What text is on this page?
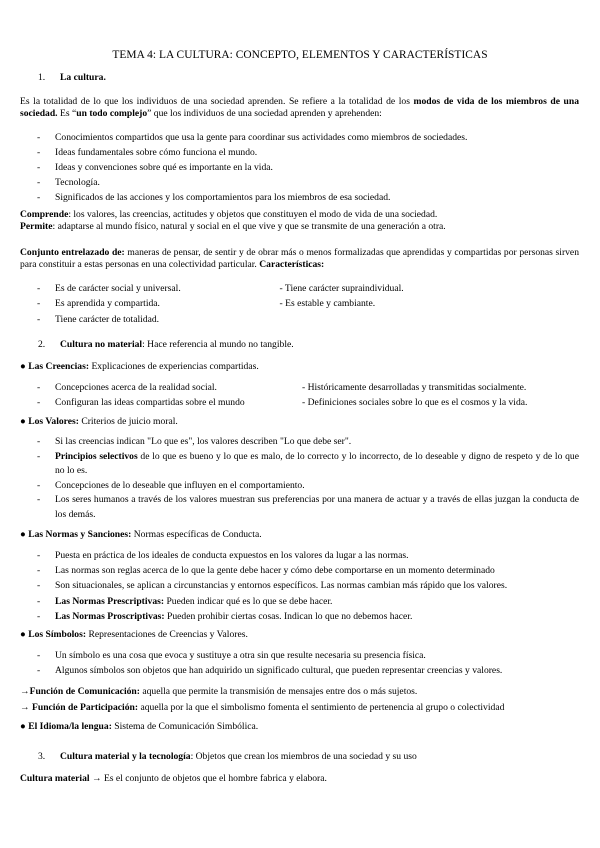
TEMA 4: LA CULTURA: CONCEPTO, ELEMENTOS Y CARACTERÍSTICAS
1. La cultura.

Es la totalidad de lo que los individuos de una sociedad aprenden. Se refiere a la totalidad de los modos de vida de los miembros de una sociedad. Es “un todo complejo” que los individuos de una sociedad aprenden y aprehenden:

- Conocimientos compartidos que usa la gente para coordinar sus actividades como miembros de sociedades.
- Ideas fundamentales sobre cómo funciona el mundo.
- Ideas y convenciones sobre qué es importante en la vida.
- Tecnología.
- Significados de las acciones y los comportamientos para los miembros de esa sociedad.

Comprende: los valores, las creencias, actitudes y objetos que constituyen el modo de vida de una sociedad.
Permite: adaptarse al mundo físico, natural y social en el que vive y que se transmite de una generación a otra.

Conjunto entrelazado de: maneras de pensar, de sentir y de obrar más o menos formalizadas que aprendidas y compartidas por personas sirven para constituir a estas personas en una colectividad particular. Características:

- Es de carácter social y universal.
- Es aprendida y compartida.
- Tiene carácter de totalidad.
- Tiene carácter supraindividual.
- Es estable y cambiante.
2. Cultura no material: Hace referencia al mundo no tangible.
● Las Creencias: Explicaciones de experiencias compartidas.
- Concepciones acerca de la realidad social.
- Configuran las ideas compartidas sobre el mundo
- Históricamente desarrolladas y transmitidas socialmente.
- Definiciones sociales sobre lo que es el cosmos y la vida.
● Los Valores: Criterios de juicio moral.
- Si las creencias indican "Lo que es", los valores describen "Lo que debe ser".
- Principios selectivos de lo que es bueno y lo que es malo, de lo correcto y lo incorrecto, de lo deseable y digno de respeto y de lo que no lo es.
- Concepciones de lo deseable que influyen en el comportamiento.
- Los seres humanos a través de los valores muestran sus preferencias por una manera de actuar y a través de ellas juzgan la conducta de los demás.
● Las Normas y Sanciones: Normas específicas de Conducta.
- Puesta en práctica de los ideales de conducta expuestos en los valores da lugar a las normas.
- Las normas son reglas acerca de lo que la gente debe hacer y cómo debe comportarse en un momento determinado
- Son situacionales, se aplican a circunstancias y entornos específicos. Las normas cambian más rápido que los valores.
- Las Normas Prescriptivas: Pueden indicar qué es lo que se debe hacer.
- Las Normas Proscriptivas: Pueden prohibir ciertas cosas. Indican lo que no debemos hacer.
● Los Símbolos: Representaciones de Creencias y Valores.
- Un símbolo es una cosa que evoca y sustituye a otra sin que resulte necesaria su presencia física.
- Algunos símbolos son objetos que han adquirido un significado cultural, que pueden representar creencias y valores.

→Función de Comunicación: aquella que permite la transmisión de mensajes entre dos o más sujetos.
→ Función de Participación: aquella por la que el simbolismo fomenta el sentimiento de pertenencia al grupo o colectividad

● El Idioma/la lengua: Sistema de Comunicación Simbólica.
3. Cultura material y la tecnología: Objetos que crean los miembros de una sociedad y su uso
Cultura material → Es el conjunto de objetos que el hombre fabrica y elabora.
